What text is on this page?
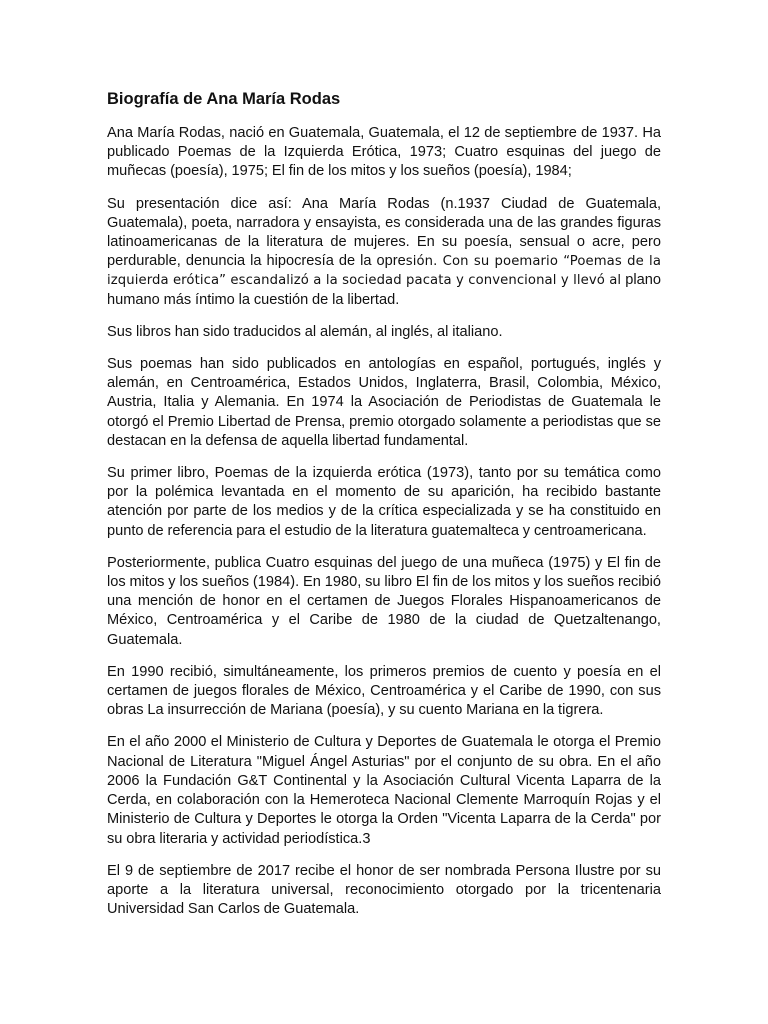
Biografía de Ana María Rodas

Ana María Rodas, nació en Guatemala, Guatemala, el 12 de septiembre de 1937. Ha publicado Poemas de la Izquierda Erótica, 1973; Cuatro esquinas del juego de muñecas (poesía), 1975; El fin de los mitos y los sueños (poesía), 1984;

Su presentación dice así: Ana María Rodas (n.1937 Ciudad de Guatemala, Guatemala), poeta, narradora y ensayista, es considerada una de las grandes figuras latinoamericanas de la literatura de mujeres. En su poesía, sensual o acre, pero perdurable, denuncia la hipocresía de la opresión. Con su poemario “Poemas de la izquierda erótica” escandalizó a la sociedad pacata y convencional y llevó al plano humano más íntimo la cuestión de la libertad.

Sus libros han sido traducidos al alemán, al inglés, al italiano.

Sus poemas han sido publicados en antologías en español, portugués, inglés y alemán, en Centroamérica, Estados Unidos, Inglaterra, Brasil, Colombia, México, Austria, Italia y Alemania. En 1974 la Asociación de Periodistas de Guatemala le otorgó el Premio Libertad de Prensa, premio otorgado solamente a periodistas que se destacan en la defensa de aquella libertad fundamental.

Su primer libro, Poemas de la izquierda erótica (1973), tanto por su temática como por la polémica levantada en el momento de su aparición, ha recibido bastante atención por parte de los medios y de la crítica especializada y se ha constituido en punto de referencia para el estudio de la literatura guatemalteca y centroamericana.

Posteriormente, publica Cuatro esquinas del juego de una muñeca (1975) y El fin de los mitos y los sueños (1984). En 1980, su libro El fin de los mitos y los sueños recibió una mención de honor en el certamen de Juegos Florales Hispanoamericanos de México, Centroamérica y el Caribe de 1980 de la ciudad de Quetzaltenango, Guatemala.

En 1990 recibió, simultáneamente, los primeros premios de cuento y poesía en el certamen de juegos florales de México, Centroamérica y el Caribe de 1990, con sus obras La insurrección de Mariana (poesía), y su cuento Mariana en la tigrera.

En el año 2000 el Ministerio de Cultura y Deportes de Guatemala le otorga el Premio Nacional de Literatura "Miguel Ángel Asturias" por el conjunto de su obra. En el año 2006 la Fundación G&T Continental y la Asociación Cultural Vicenta Laparra de la Cerda, en colaboración con la Hemeroteca Nacional Clemente Marroquín Rojas y el Ministerio de Cultura y Deportes le otorga la Orden "Vicenta Laparra de la Cerda" por su obra literaria y actividad periodística.3

El 9 de septiembre de 2017 recibe el honor de ser nombrada Persona Ilustre por su aporte a la literatura universal, reconocimiento otorgado por la tricentenaria Universidad San Carlos de Guatemala.
